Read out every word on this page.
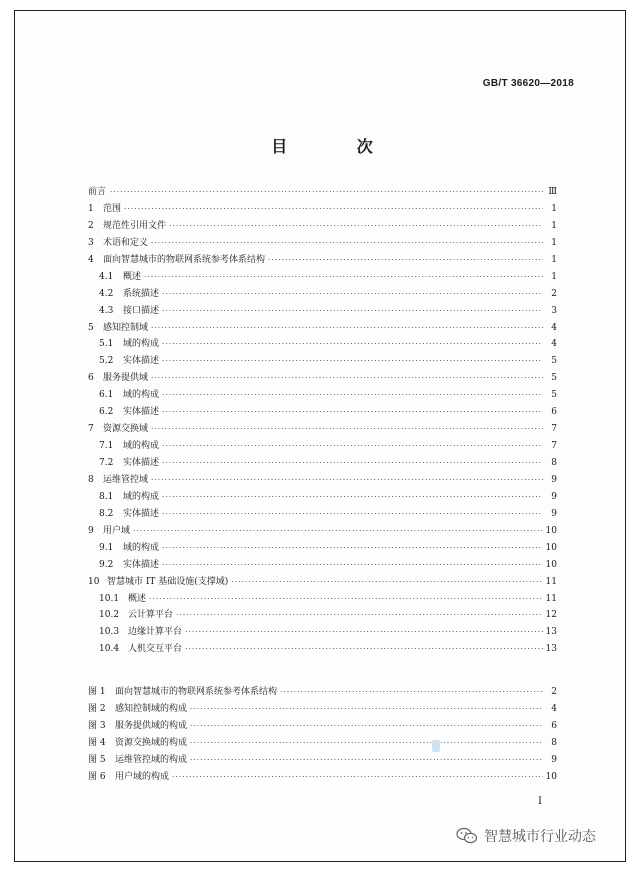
GB/T 36620—2018
目 次
前言 ·····	Ⅲ
1	范围 ·····	1
2	规范性引用文件 ·····	1
3	术语和定义 ·····	1
4	面向智慧城市的物联网系统参考体系结构 ·····	1
4.1	概述 ·····	1
4.2	系统描述 ·····	2
4.3	接口描述 ·····	3
5	感知控制域 ·····	4
5.1	域的构成 ·····	4
5.2	实体描述 ·····	5
6	服务提供域 ·····	5
6.1	域的构成 ·····	5
6.2	实体描述 ·····	6
7	资源交换域 ·····	7
7.1	域的构成 ·····	7
7.2	实体描述 ·····	8
8	运维管控域 ·····	9
8.1	域的构成 ·····	9
8.2	实体描述 ·····	9
9	用户域 ·····	10
9.1	域的构成 ·····	10
9.2	实体描述 ·····	10
10 智慧城市 IT 基础设施(支撑域) ·····	11
10.1 概述 ·····	11
10.2 云计算平台 ·····	12
10.3 边缘计算平台 ·····	13
10.4 人机交互平台 ·····	13
图 1	面向智慧城市的物联网系统参考体系结构 ·····	2
图 2	感知控制域的构成 ·····	4
图 3	服务提供域的构成 ·····	6
图 4	资源交换域的构成 ·····	8
图 5	运维管控域的构成 ·····	9
图 6	用户域的构成 ·····	10
I
智慧城市行业动态
